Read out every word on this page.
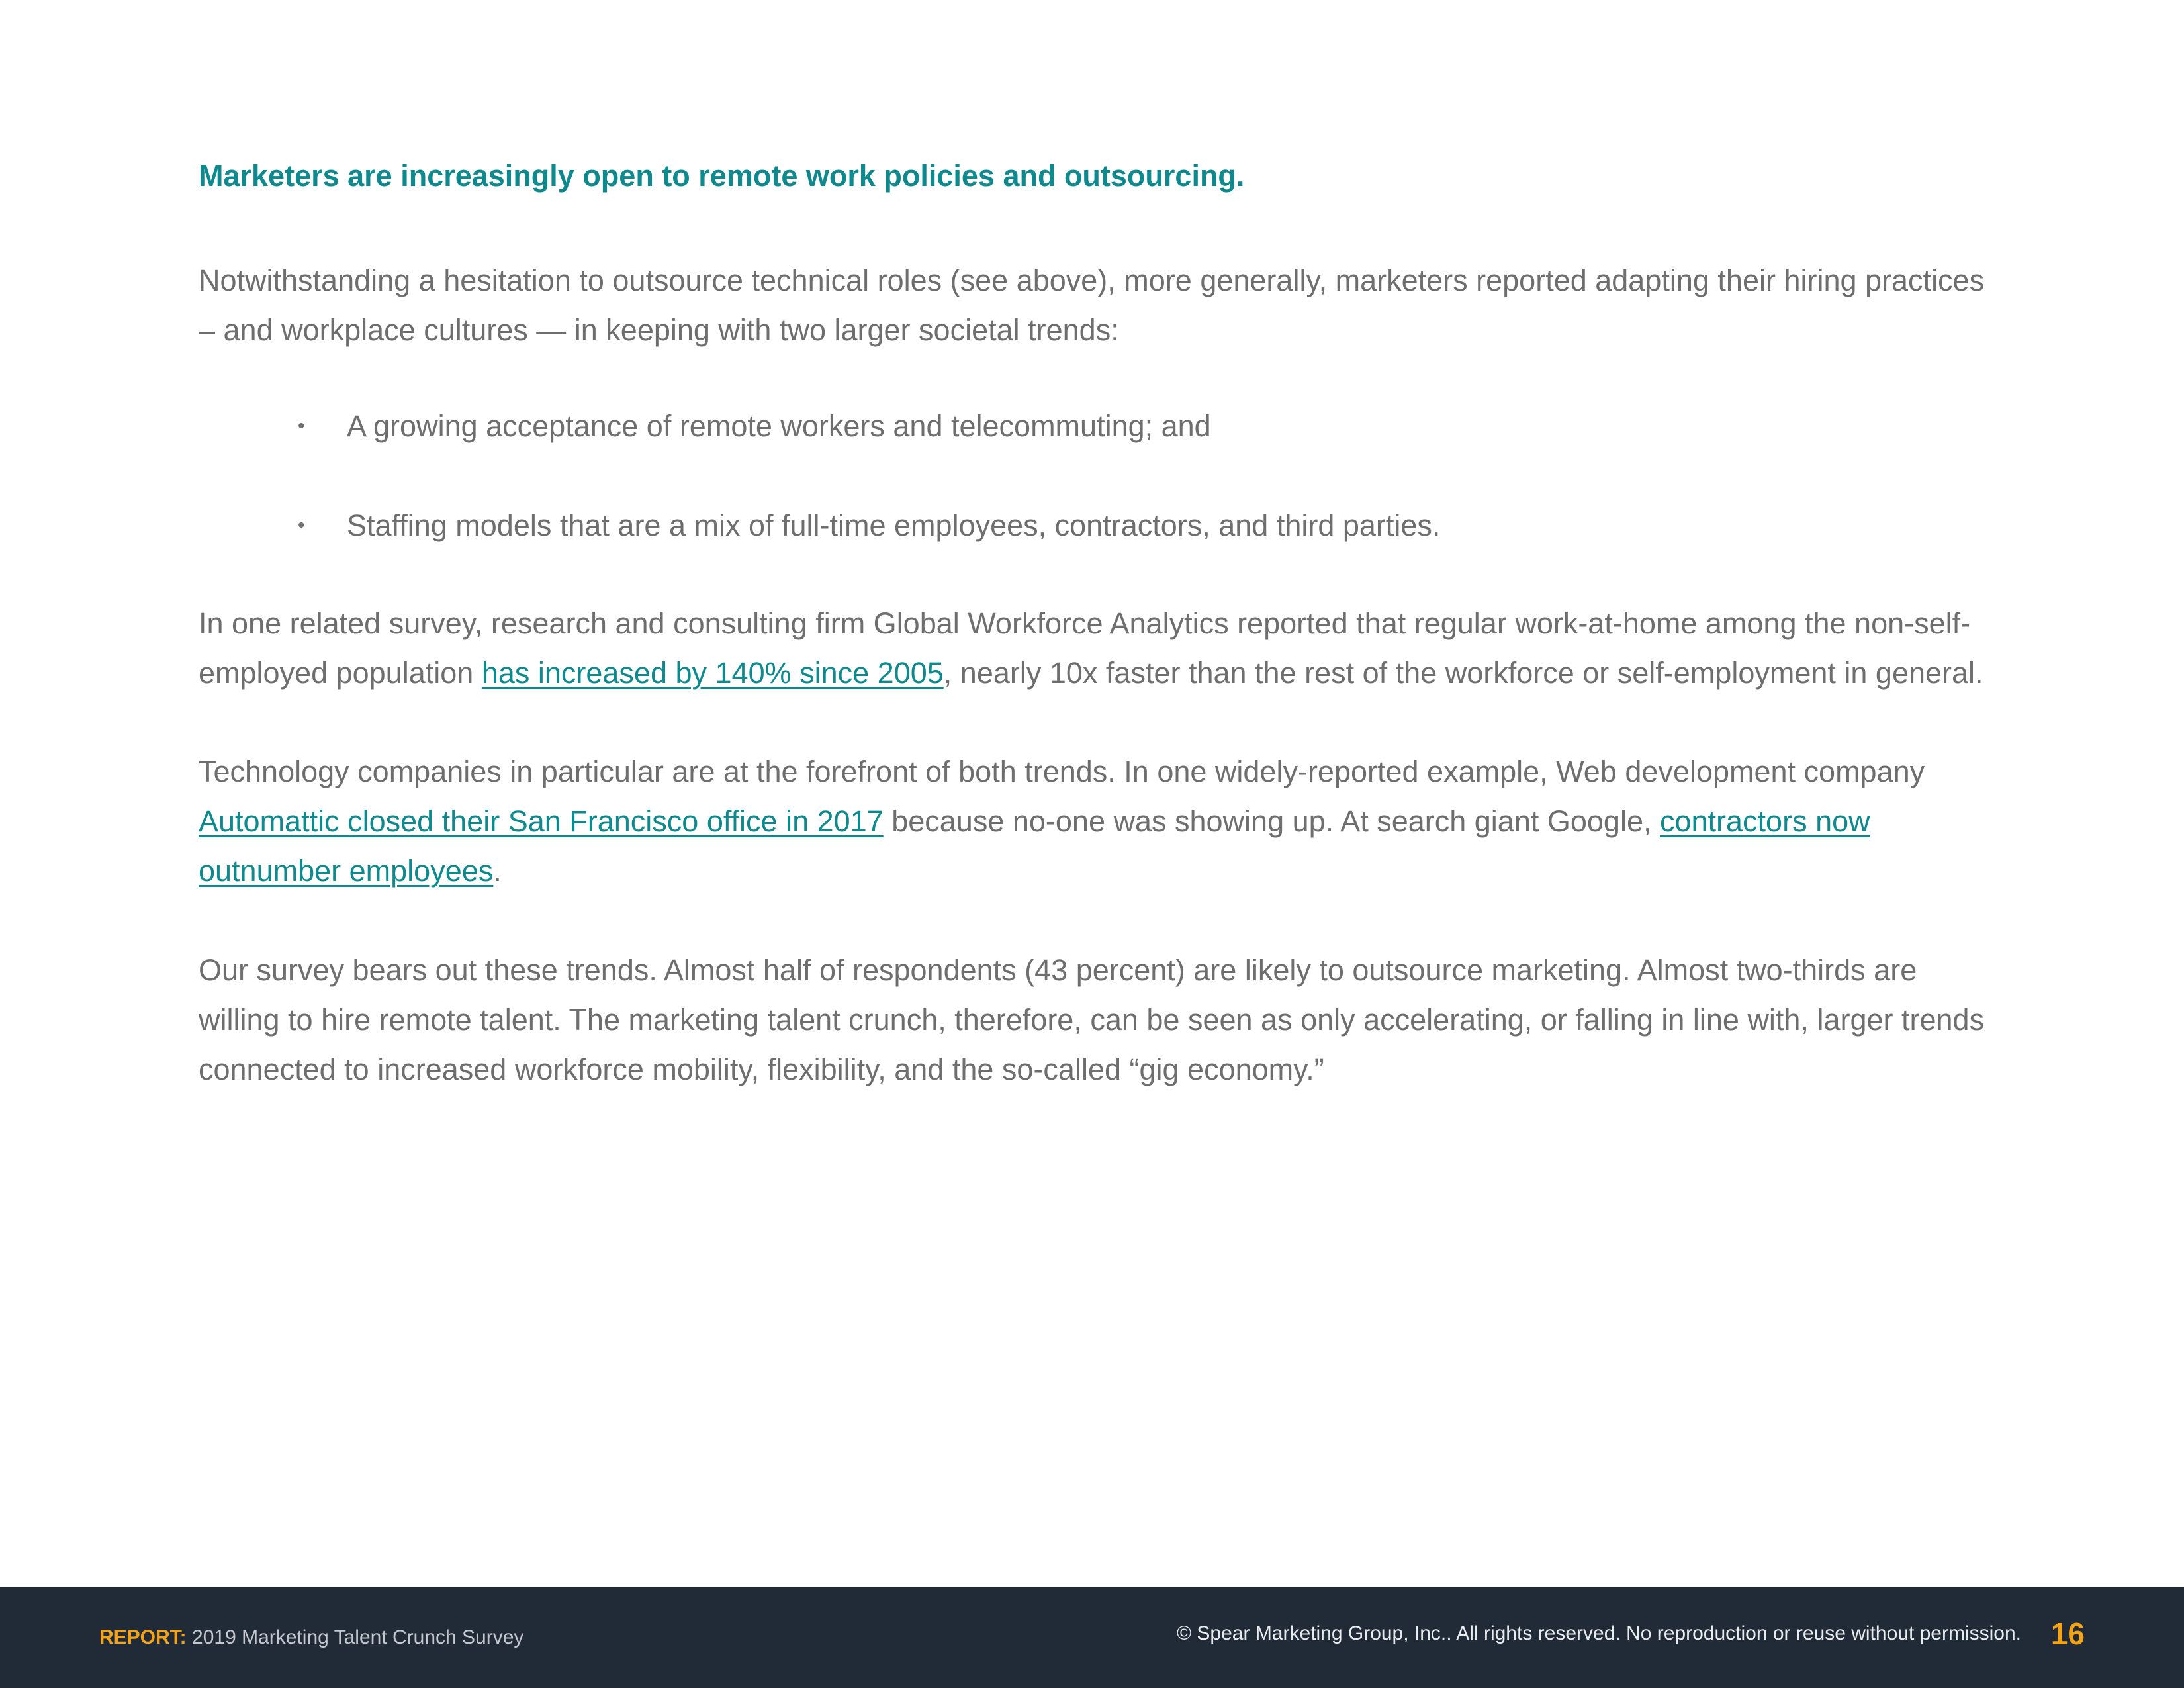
Marketers are increasingly open to remote work policies and outsourcing.

Notwithstanding a hesitation to outsource technical roles (see above), more generally, marketers reported adapting their hiring practices
– and workplace cultures — in keeping with two larger societal trends:

• A growing acceptance of remote workers and telecommuting; and
• Staffing models that are a mix of full-time employees, contractors, and third parties.

In one related survey, research and consulting firm Global Workforce Analytics reported that regular work-at-home among the non-self-
employed population has increased by 140% since 2005, nearly 10x faster than the rest of the workforce or self-employment in general.

Technology companies in particular are at the forefront of both trends. In one widely-reported example, Web development company
Automattic closed their San Francisco office in 2017 because no-one was showing up. At search giant Google, contractors now
outnumber employees.

Our survey bears out these trends. Almost half of respondents (43 percent) are likely to outsource marketing. Almost two-thirds are
willing to hire remote talent. The marketing talent crunch, therefore, can be seen as only accelerating, or falling in line with, larger trends
connected to increased workforce mobility, flexibility, and the so-called “gig economy.”

REPORT: 2019 Marketing Talent Crunch Survey	© Spear Marketing Group, Inc.. All rights reserved. No reproduction or reuse without permission. 16
